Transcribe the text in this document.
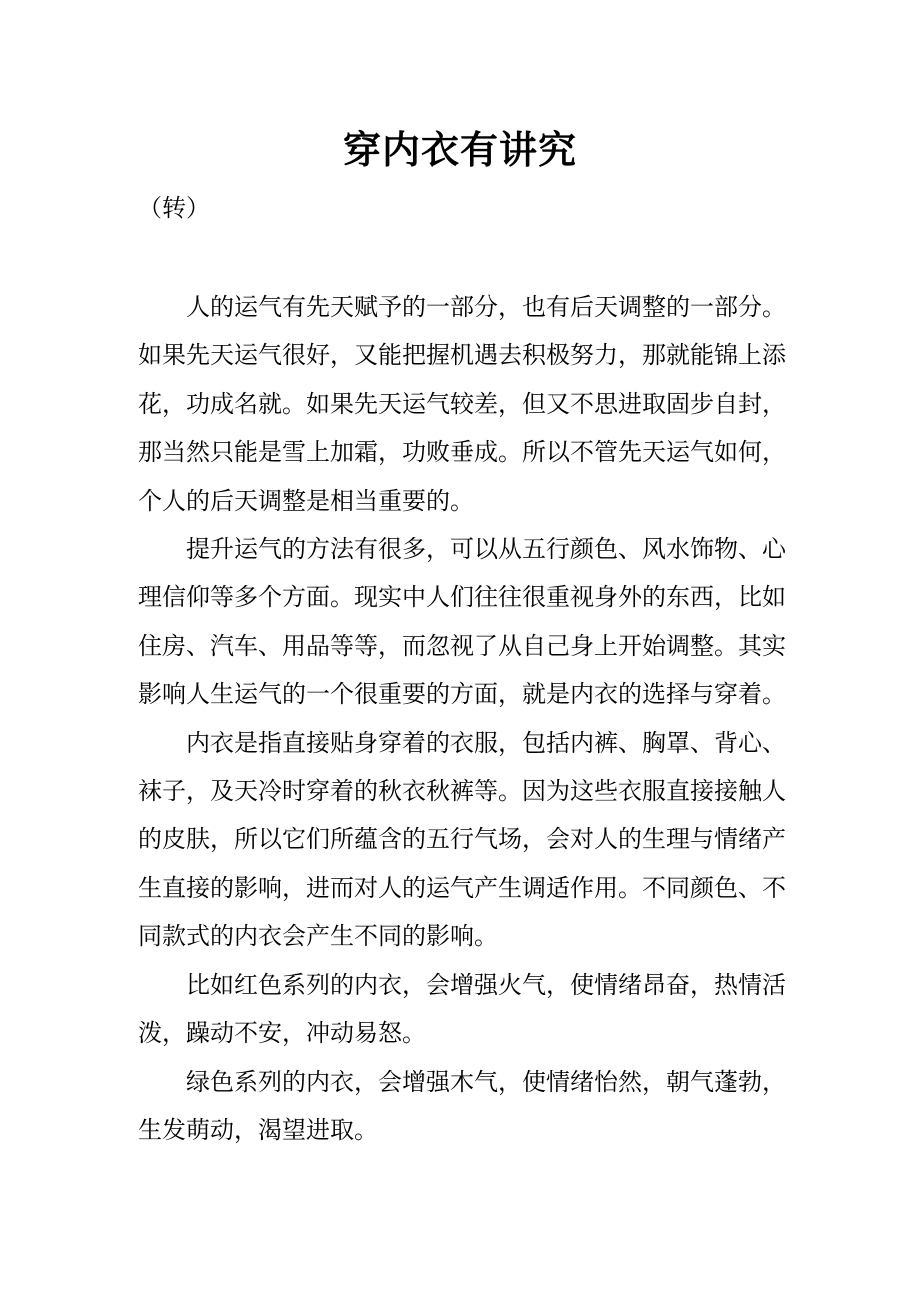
穿内衣有讲究
（转）

人的运气有先天赋予的一部分，也有后天调整的一部分。如果先天运气很好，又能把握机遇去积极努力，那就能锦上添花，功成名就。如果先天运气较差，但又不思进取固步自封，那当然只能是雪上加霜，功败垂成。所以不管先天运气如何，个人的后天调整是相当重要的。

提升运气的方法有很多，可以从五行颜色、风水饰物、心理信仰等多个方面。现实中人们往往很重视身外的东西，比如住房、汽车、用品等等，而忽视了从自己身上开始调整。其实影响人生运气的一个很重要的方面，就是内衣的选择与穿着。

内衣是指直接贴身穿着的衣服，包括内裤、胸罩、背心、袜子，及天冷时穿着的秋衣秋裤等。因为这些衣服直接接触人的皮肤，所以它们所蕴含的五行气场，会对人的生理与情绪产生直接的影响，进而对人的运气产生调适作用。不同颜色、不同款式的内衣会产生不同的影响。

比如红色系列的内衣，会增强火气，使情绪昂奋，热情活泼，躁动不安，冲动易怒。

绿色系列的内衣，会增强木气，使情绪怡然，朝气蓬勃，生发萌动，渴望进取。
